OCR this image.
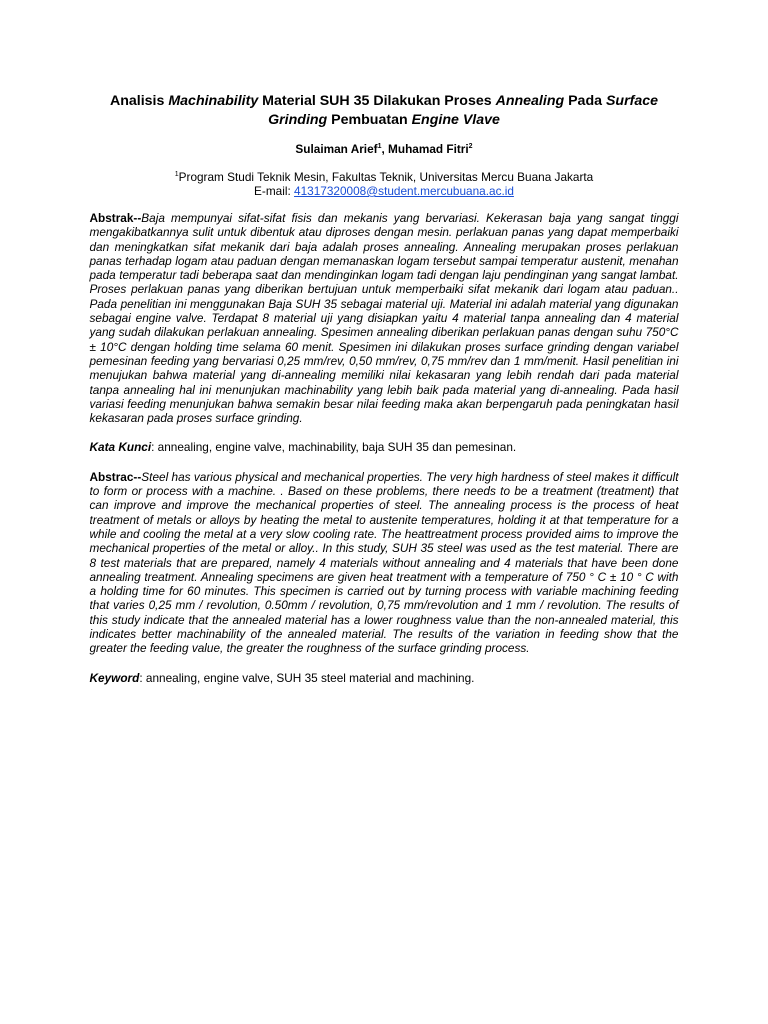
Analisis Machinability Material SUH 35 Dilakukan Proses Annealing Pada Surface Grinding Pembuatan Engine Vlave
Sulaiman Arief$^1$, Muhamad Fitri$^2$
$^1$Program Studi Teknik Mesin, Fakultas Teknik, Universitas Mercu Buana Jakarta
E-mail: 41317320008@student.mercubuana.ac.id

Abstrak--Baja mempunyai sifat-sifat fisis dan mekanis yang bervariasi. Kekerasan baja yang sangat tinggi mengakibatkannya sulit untuk dibentuk atau diproses dengan mesin. perlakuan panas yang dapat memperbaiki dan meningkatkan sifat mekanik dari baja adalah proses annealing. Annealing merupakan proses perlakuan panas terhadap logam atau paduan dengan memanaskan logam tersebut sampai temperatur austenit, menahan pada temperatur tadi beberapa saat dan mendinginkan logam tadi dengan laju pendinginan yang sangat lambat. Proses perlakuan panas yang diberikan bertujuan untuk memperbaiki sifat mekanik dari logam atau paduan.. Pada penelitian ini menggunakan Baja SUH 35 sebagai material uji. Material ini adalah material yang digunakan sebagai engine valve. Terdapat 8 material uji yang disiapkan yaitu 4 material tanpa annealing dan 4 material yang sudah dilakukan perlakuan annealing. Spesimen annealing diberikan perlakuan panas dengan suhu 750°C ± 10°C dengan holding time selama 60 menit. Spesimen ini dilakukan proses surface grinding dengan variabel pemesinan feeding yang bervariasi 0,25 mm/rev, 0,50 mm/rev, 0,75 mm/rev dan 1 mm/menit. Hasil penelitian ini menujukan bahwa material yang di-annealing memiliki nilai kekasaran yang lebih rendah dari pada material tanpa annealing hal ini menunjukan machinability yang lebih baik pada material yang di-annealing. Pada hasil variasi feeding menunjukan bahwa semakin besar nilai feeding maka akan berpengaruh pada peningkatan hasil kekasaran pada proses surface grinding.

Kata Kunci: annealing, engine valve, machinability, baja SUH 35 dan pemesinan.

Abstrac--Steel has various physical and mechanical properties. The very high hardness of steel makes it difficult to form or process with a machine. . Based on these problems, there needs to be a treatment (treatment) that can improve and improve the mechanical properties of steel. The annealing process is the process of heat treatment of metals or alloys by heating the metal to austenite temperatures, holding it at that temperature for a while and cooling the metal at a very slow cooling rate. The heattreatment process provided aims to improve the mechanical properties of the metal or alloy.. In this study, SUH 35 steel was used as the test material. There are 8 test materials that are prepared, namely 4 materials without annealing and 4 materials that have been done annealing treatment. Annealing specimens are given heat treatment with a temperature of 750 ° C ± 10 ° C with a holding time for 60 minutes. This specimen is carried out by turning process with variable machining feeding that varies 0,25 mm / revolution, 0.50mm / revolution, 0,75 mm/revolution and 1 mm / revolution. The results of this study indicate that the annealed material has a lower roughness value than the non-annealed material, this indicates better machinability of the annealed material. The results of the variation in feeding show that the greater the feeding value, the greater the roughness of the surface grinding process.

Keyword: annealing, engine valve, SUH 35 steel material and machining.
